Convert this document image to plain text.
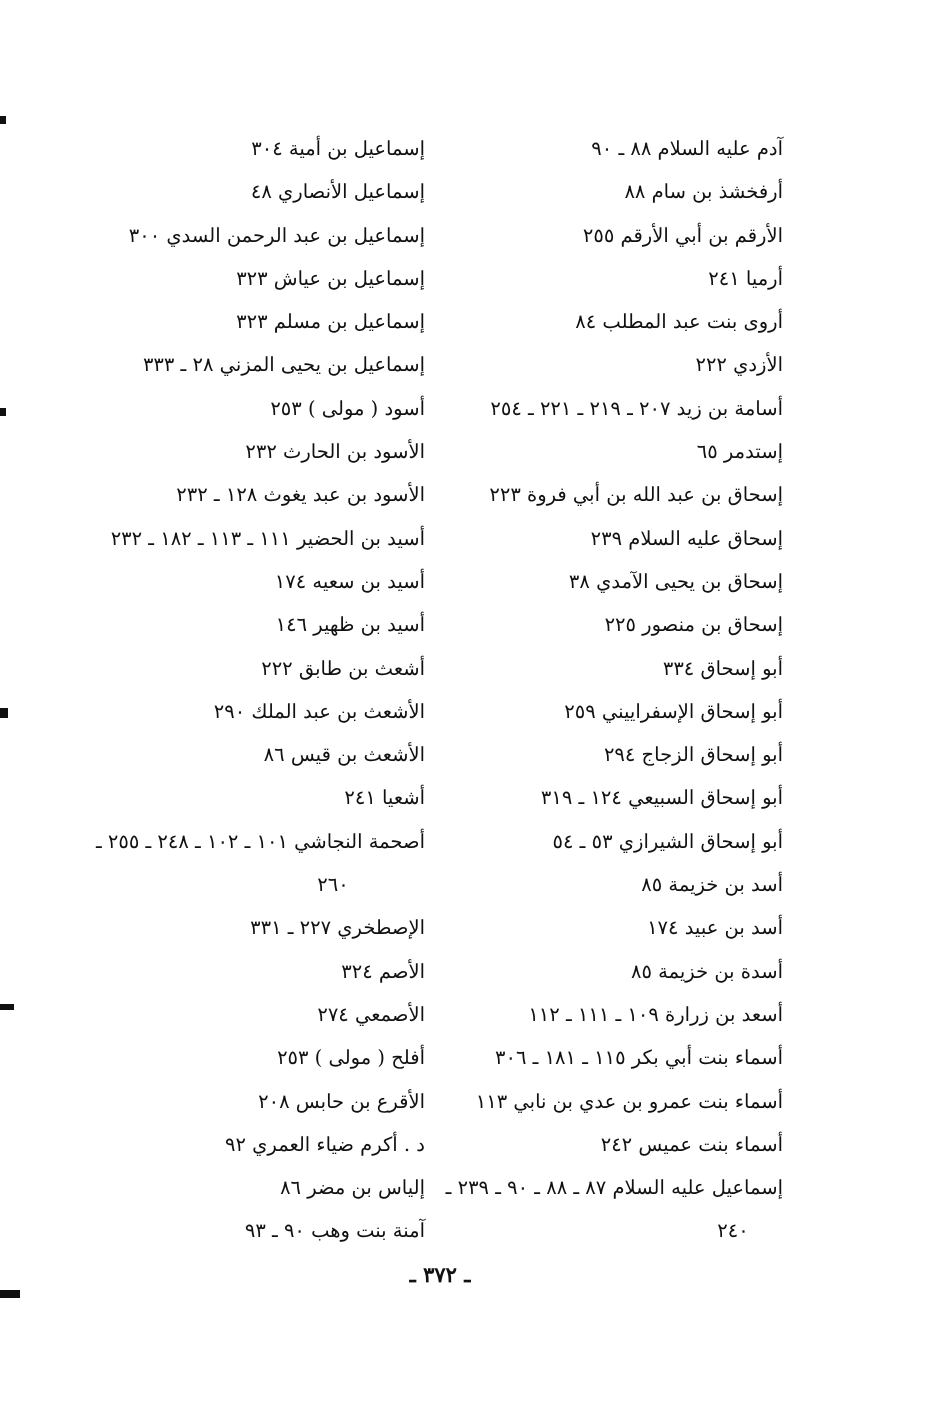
آدم عليه السلام ٨٨ ـ ٩٠
أرفخشذ بن سام ٨٨
الأرقم بن أبي الأرقم ٢٥٥
أرميا ٢٤١
أروى بنت عبد المطلب ٨٤
الأزدي ٢٢٢
أسامة بن زيد ٢٠٧ ـ ٢١٩ ـ ٢٢١ ـ ٢٥٤
إستدمر ٦٥
إسحاق بن عبد الله بن أبي فروة ٢٢٣
إسحاق عليه السلام ٢٣٩
إسحاق بن يحيى الآمدي ٣٨
إسحاق بن منصور ٢٢٥
أبو إسحاق ٣٣٤
أبو إسحاق الإسفراييني ٢٥٩
أبو إسحاق الزجاج ٢٩٤
أبو إسحاق السبيعي ١٢٤ ـ ٣١٩
أبو إسحاق الشيرازي ٥٣ ـ ٥٤
أسد بن خزيمة ٨٥
أسد بن عبيد ١٧٤
أسدة بن خزيمة ٨٥
أسعد بن زرارة ١٠٩ ـ ١١١ ـ ١١٢
أسماء بنت أبي بكر ١١٥ ـ ١٨١ ـ ٣٠٦
أسماء بنت عمرو بن عدي بن نابي ١١٣
أسماء بنت عميس ٢٤٢
إسماعيل عليه السلام ٨٧ ـ ٨٨ ـ ٩٠ ـ ٢٣٩ ـ
٢٤٠
إسماعيل بن أمية ٣٠٤
إسماعيل الأنصاري ٤٨
إسماعيل بن عبد الرحمن السدي ٣٠٠
إسماعيل بن عياش ٣٢٣
إسماعيل بن مسلم ٣٢٣
إسماعيل بن يحيى المزني ٢٨ ـ ٣٣٣
أسود ( مولى ) ٢٥٣
الأسود بن الحارث ٢٣٢
الأسود بن عبد يغوث ١٢٨ ـ ٢٣٢
أسيد بن الحضير ١١١ ـ ١١٣ ـ ١٨٢ ـ ٢٣٢
أسيد بن سعيه ١٧٤
أسيد بن ظهير ١٤٦
أشعث بن طابق ٢٢٢
الأشعث بن عبد الملك ٢٩٠
الأشعث بن قيس ٨٦
أشعيا ٢٤١
أصحمة النجاشي ١٠١ ـ ١٠٢ ـ ٢٤٨ ـ ٢٥٥ ـ
٢٦٠
الإصطخري ٢٢٧ ـ ٣٣١
الأصم ٣٢٤
الأصمعي ٢٧٤
أفلح ( مولى ) ٢٥٣
الأقرع بن حابس ٢٠٨
د . أكرم ضياء العمري ٩٢
إلياس بن مضر ٨٦
آمنة بنت وهب ٩٠ ـ ٩٣
ـ ٣٧٢ ـ
